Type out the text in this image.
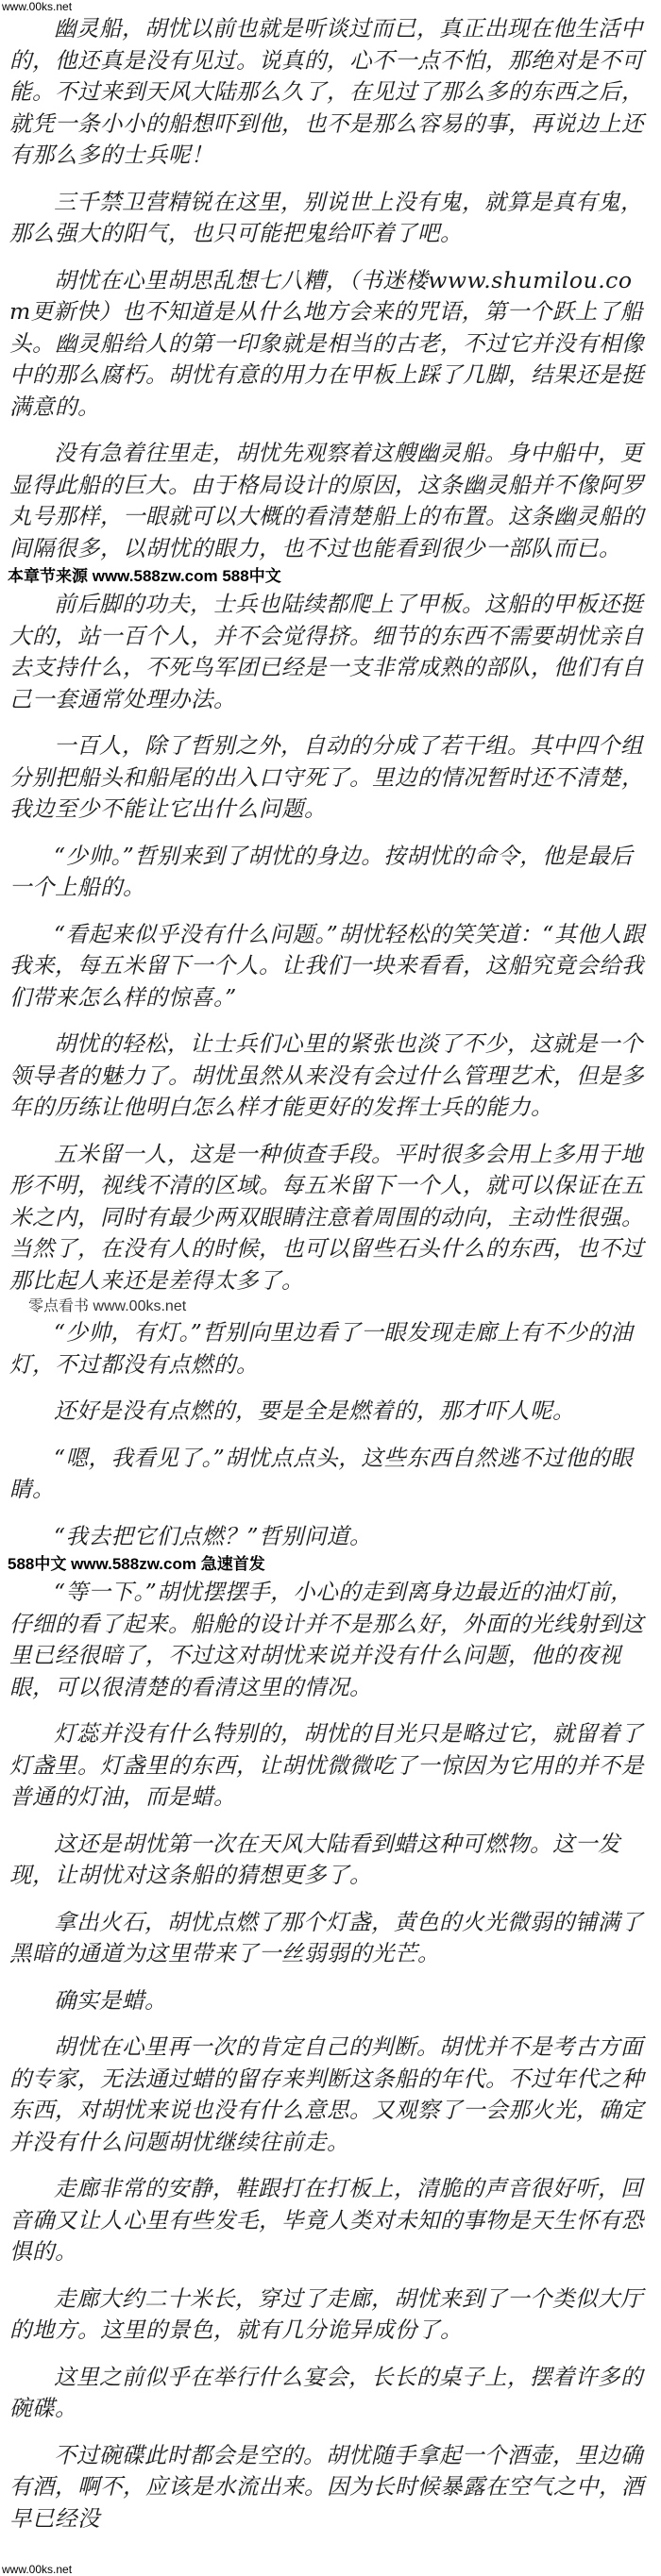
www.00ks.net

幽灵船，胡忧以前也就是听谈过而已，真正出现在他生活中的，他还真是没有见过。说真的，心不一点不怕，那绝对是不可能。不过来到天风大陆那么久了，在见过了那么多的东西之后，就凭一条小小的船想吓到他，也不是那么容易的事，再说边上还有那么多的士兵呢！

三千禁卫营精锐在这里，别说世上没有鬼，就算是真有鬼，那么强大的阳气，也只可能把鬼给吓着了吧。

胡忧在心里胡思乱想七八糟，（书迷楼www.shumilou.com更新快）也不知道是从什么地方会来的咒语，第一个跃上了船头。幽灵船给人的第一印象就是相当的古老，不过它并没有相像中的那么腐朽。胡忧有意的用力在甲板上踩了几脚，结果还是挺满意的。

没有急着往里走，胡忧先观察着这艘幽灵船。身中船中，更显得此船的巨大。由于格局设计的原因，这条幽灵船并不像阿罗丸号那样，一眼就可以大概的看清楚船上的布置。这条幽灵船的间隔很多，以胡忧的眼力，也不过也能看到很少一部队而已。

本章节来源 www.588zw.com 588中文

前后脚的功夫，士兵也陆续都爬上了甲板。这船的甲板还挺大的，站一百个人，并不会觉得挤。细节的东西不需要胡忧亲自去支持什么，不死鸟军团已经是一支非常成熟的部队，他们有自己一套通常处理办法。

一百人，除了哲别之外，自动的分成了若干组。其中四个组分别把船头和船尾的出入口守死了。里边的情况暂时还不清楚，我边至少不能让它出什么问题。

“少帅。”哲别来到了胡忧的身边。按胡忧的命令，他是最后一个上船的。

“看起来似乎没有什么问题。”胡忧轻松的笑笑道：“其他人跟我来，每五米留下一个人。让我们一块来看看，这船究竟会给我们带来怎么样的惊喜。”

胡忧的轻松，让士兵们心里的紧张也淡了不少，这就是一个领导者的魅力了。胡忧虽然从来没有会过什么管理艺术，但是多年的历练让他明白怎么样才能更好的发挥士兵的能力。

五米留一人，这是一种侦查手段。平时很多会用上多用于地形不明，视线不清的区域。每五米留下一个人，就可以保证在五米之内，同时有最少两双眼睛注意着周围的动向，主动性很强。当然了，在没有人的时候，也可以留些石头什么的东西，也不过那比起人来还是差得太多了。

零点看书 www.00ks.net

“少帅，有灯。”哲别向里边看了一眼发现走廊上有不少的油灯，不过都没有点燃的。

还好是没有点燃的，要是全是燃着的，那才吓人呢。

“嗯，我看见了。”胡忧点点头，这些东西自然逃不过他的眼睛。

“我去把它们点燃？”哲别问道。

588中文 www.588zw.com 急速首发

“等一下。”胡忧摆摆手，小心的走到离身边最近的油灯前，仔细的看了起来。船舱的设计并不是那么好，外面的光线射到这里已经很暗了，不过这对胡忧来说并没有什么问题，他的夜视眼，可以很清楚的看清这里的情况。

灯蕊并没有什么特别的，胡忧的目光只是略过它，就留着了灯盏里。灯盏里的东西，让胡忧微微吃了一惊因为它用的并不是普通的灯油，而是蜡。

这还是胡忧第一次在天风大陆看到蜡这种可燃物。这一发现，让胡忧对这条船的猜想更多了。

拿出火石，胡忧点燃了那个灯盏，黄色的火光微弱的铺满了黑暗的通道为这里带来了一丝弱弱的光芒。

确实是蜡。

胡忧在心里再一次的肯定自己的判断。胡忧并不是考古方面的专家，无法通过蜡的留存来判断这条船的年代。不过年代之种东西，对胡忧来说也没有什么意思。又观察了一会那火光，确定并没有什么问题胡忧继续往前走。

走廊非常的安静，鞋跟打在打板上，清脆的声音很好听，回音确又让人心里有些发毛，毕竟人类对未知的事物是天生怀有恐惧的。

走廊大约二十米长，穿过了走廊，胡忧来到了一个类似大厅的地方。这里的景色，就有几分诡异成份了。

这里之前似乎在举行什么宴会，长长的桌子上，摆着许多的碗碟。

不过碗碟此时都会是空的。胡忧随手拿起一个酒壶，里边确有酒，啊不，应该是水流出来。因为长时候暴露在空气之中，酒早已经没

www.00ks.net
